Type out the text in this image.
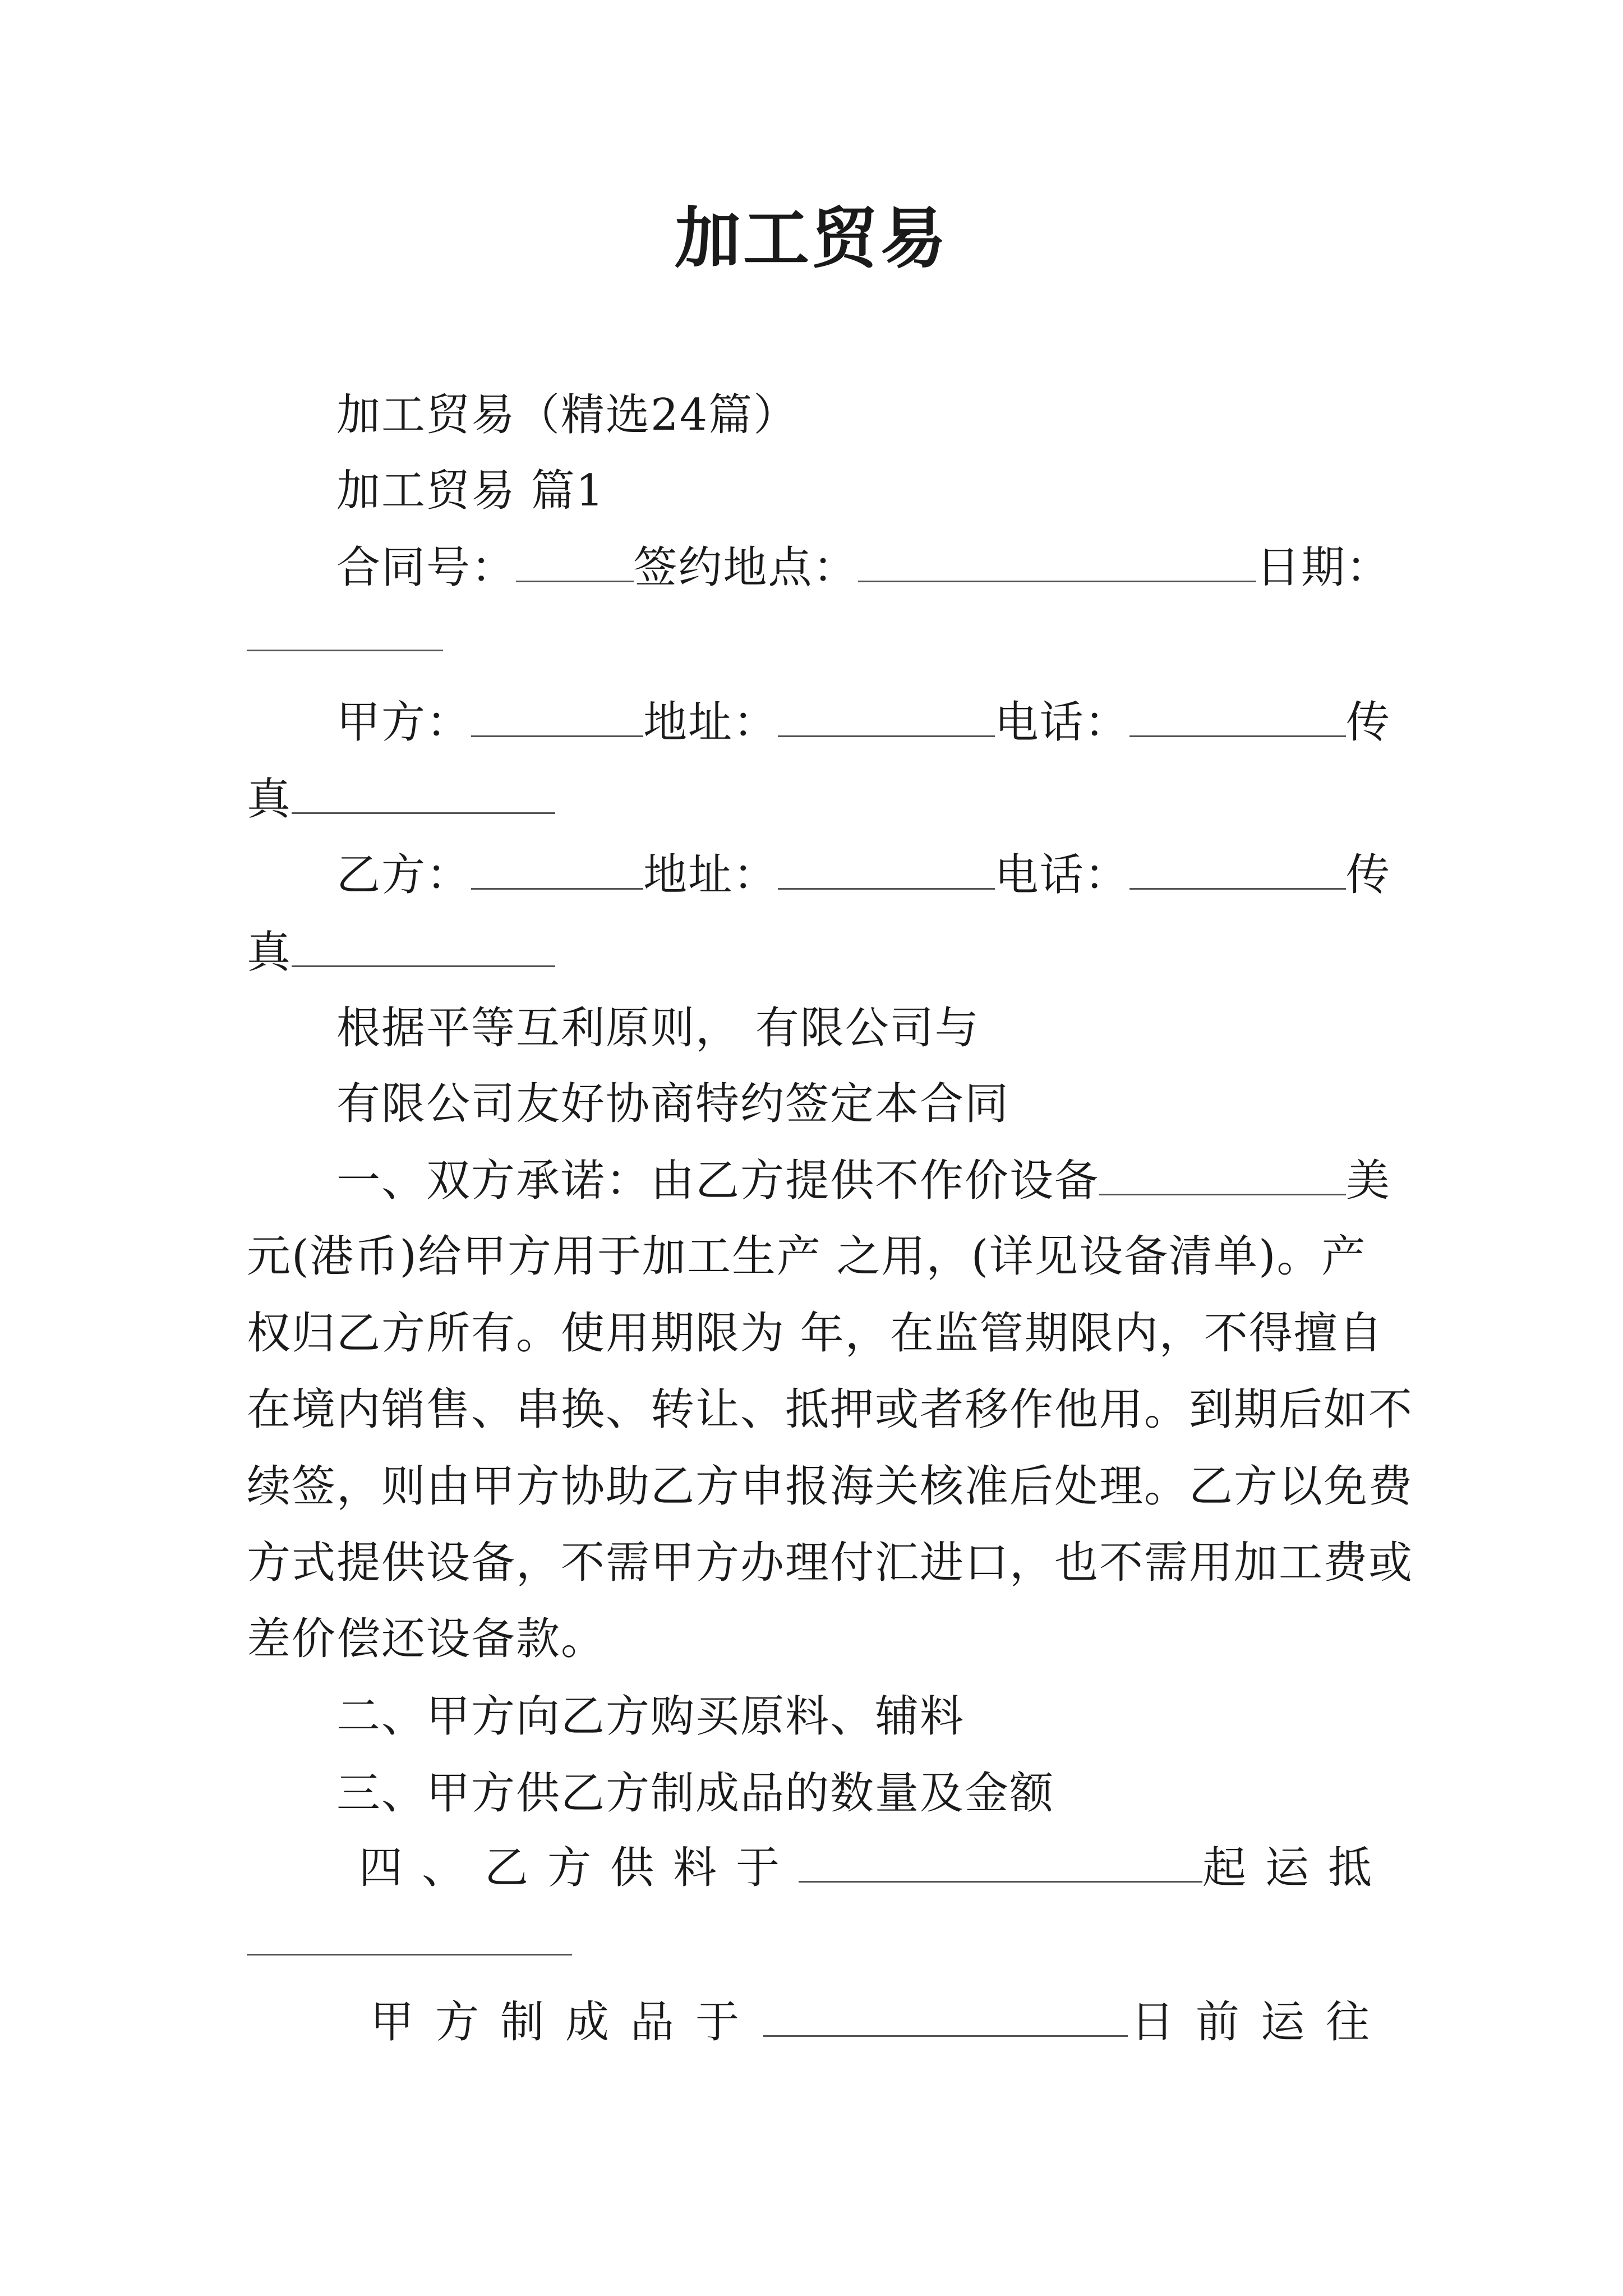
加工贸易
加工贸易（精选24篇）
加工贸易 篇1
合同号：	签约地点：	日期：
甲方：	地址：	电话：	传
真
乙方：	地址：	电话：	传
真
根据平等互利原则， 有限公司与
有限公司友好协商特约签定本合同
一、双方承诺：由乙方提供不作价设备	美
元(港币)给甲方用于加工生产 之用，(详见设备清单)。产
权归乙方所有。使用期限为 年，在监管期限内，不得擅自
在境内销售、串换、转让、抵押或者移作他用。到期后如不
续签，则由甲方协助乙方申报海关核准后处理。乙方以免费
方式提供设备，不需甲方办理付汇进口，也不需用加工费或
差价偿还设备款。
二、甲方向乙方购买原料、辅料
三、甲方供乙方制成品的数量及金额
四、乙方供料于	起运抵
甲方制成品于	日前运往
